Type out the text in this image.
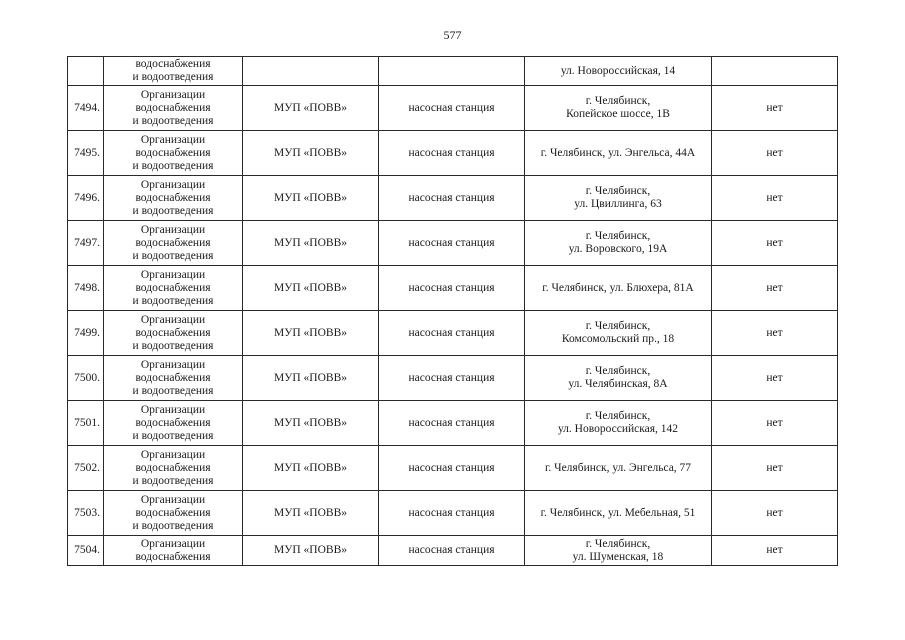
577

	водоснабжения
и водоотведения			ул. Новороссийская, 14	

7494.	Организации
водоснабжения
и водоотведения	МУП «ПОВВ»	насосная станция	г. Челябинск,
Копейское шоссе, 1В	нет
7495.	Организации
водоснабжения
и водоотведения	МУП «ПОВВ»	насосная станция	г. Челябинск, ул. Энгельса, 44А	нет
7496.	Организации
водоснабжения
и водоотведения	МУП «ПОВВ»	насосная станция	г. Челябинск,
ул. Цвиллинга, 63	нет
7497.	Организации
водоснабжения
и водоотведения	МУП «ПОВВ»	насосная станция	г. Челябинск,
ул. Воровского, 19А	нет
7498.	Организации
водоснабжения
и водоотведения	МУП «ПОВВ»	насосная станция	г. Челябинск, ул. Блюхера, 81А	нет
7499.	Организации
водоснабжения
и водоотведения	МУП «ПОВВ»	насосная станция	г. Челябинск,
Комсомольский пр., 18	нет
7500.	Организации
водоснабжения
и водоотведения	МУП «ПОВВ»	насосная станция	г. Челябинск,
ул. Челябинская, 8А	нет
7501.	Организации
водоснабжения
и водоотведения	МУП «ПОВВ»	насосная станция	г. Челябинск,
ул. Новороссийская, 142	нет
7502.	Организации
водоснабжения
и водоотведения	МУП «ПОВВ»	насосная станция	г. Челябинск, ул. Энгельса, 77	нет
7503.	Организации
водоснабжения
и водоотведения	МУП «ПОВВ»	насосная станция	г. Челябинск, ул. Мебельная, 51	нет
7504.	Организации
водоснабжения	МУП «ПОВВ»	насосная станция	г. Челябинск,
ул. Шуменская, 18	нет
